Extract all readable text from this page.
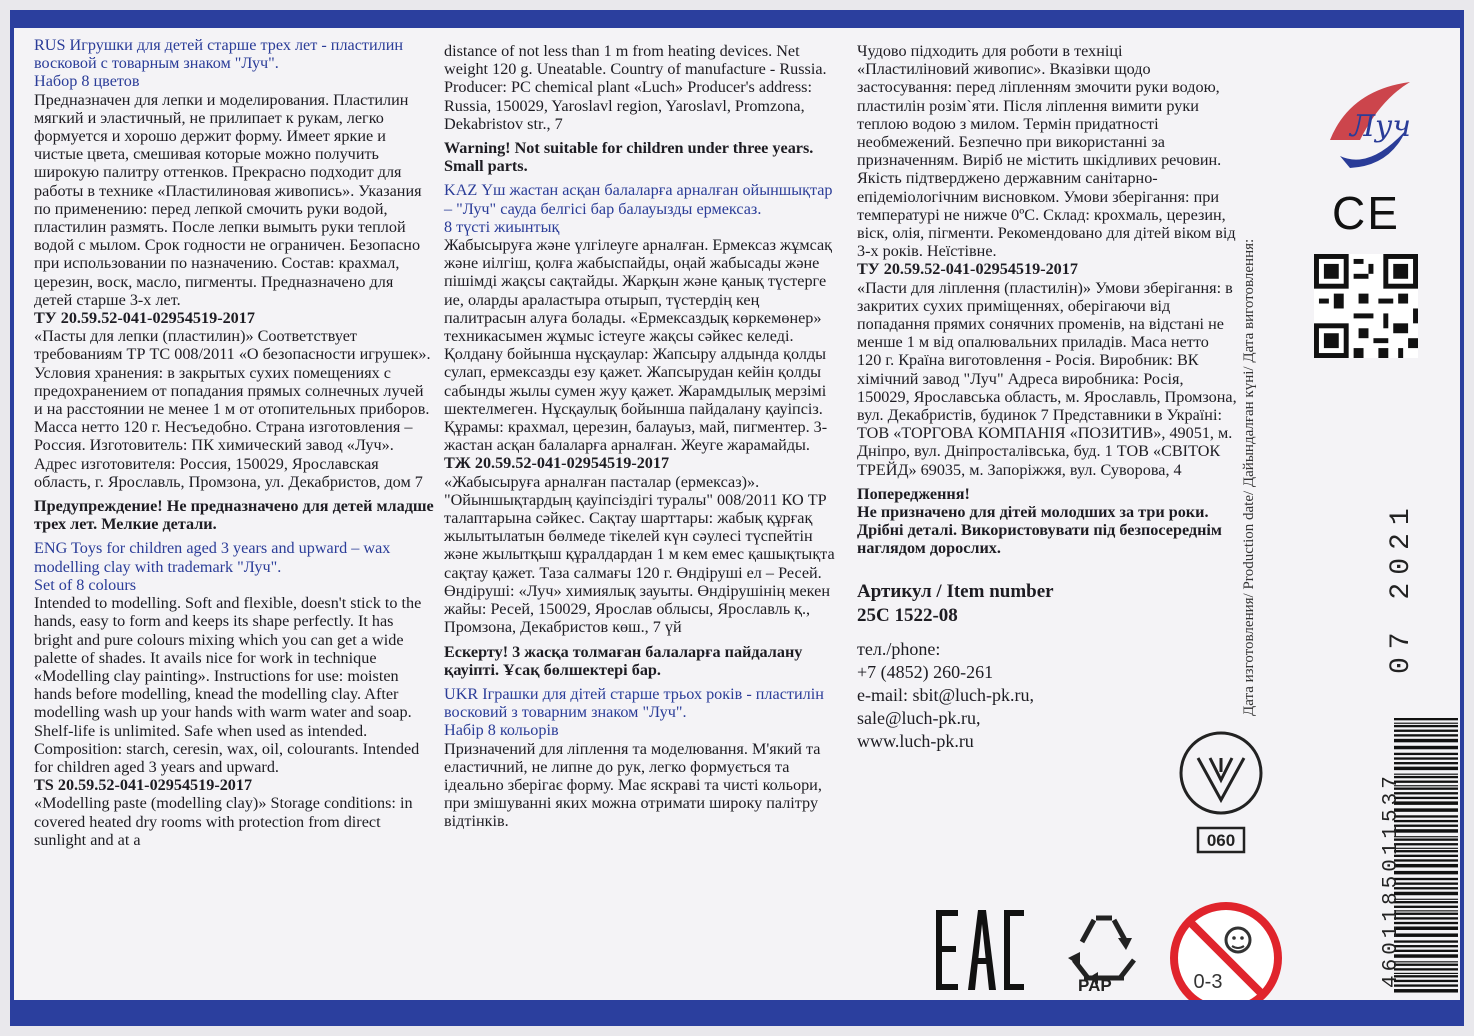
RUS Игрушки для детей старше трех лет - пластилин восковой с товарным знаком "Луч".

Набор 8 цветов

Предназначен для лепки и моделирования. Пластилин мягкий и эластичный, не прилипает к рукам, легко формуется и хорошо держит форму. Имеет яркие и чистые цвета, смешивая которые можно получить широкую палитру оттенков. Прекрасно подходит для работы в технике «Пластилиновая живопись». Указания по применению: перед лепкой смочить руки водой, пластилин размять. После лепки вымыть руки теплой водой с мылом. Срок годности не ограничен. Безопасно при использовании по назначению. Состав: крахмал, церезин, воск, масло, пигменты. Предназначено для детей старше 3-х лет.

ТУ 20.59.52-041-02954519-2017

«Пасты для лепки (пластилин)» Соответствует требованиям ТР ТС 008/2011 «О безопасности игрушек». Условия хранения: в закрытых сухих помещениях с предохранением от попадания прямых солнечных лучей и на расстоянии не менее 1 м от отопительных приборов. Масса нетто 120 г. Несъедобно. Страна изготовления – Россия. Изготовитель: ПК химический завод «Луч». Адрес изготовителя: Россия, 150029, Ярославская область, г. Ярославль, Промзона, ул. Декабристов, дом 7

Предупреждение! Не предназначено для детей младше трех лет. Мелкие детали.

ENG Toys for children aged 3 years and upward – wax modelling clay with trademark "Луч".

Set of 8 colours

Intended to modelling. Soft and flexible, doesn't stick to the hands, easy to form and keeps its shape perfectly. It has bright and pure colours mixing which you can get a wide palette of shades. It avails nice for work in technique «Modelling clay painting». Instructions for use: moisten hands before modelling, knead the modelling clay. After modelling wash up your hands with warm water and soap. Shelf-life is unlimited. Safe when used as intended. Composition: starch, ceresin, wax, oil, colourants. Intended for children aged 3 years and upward.

TS 20.59.52-041-02954519-2017

«Modelling paste (modelling clay)» Storage conditions: in covered heated dry rooms with protection from direct sunlight and at a

distance of not less than 1 m from heating devices. Net weight 120 g. Uneatable. Country of manufacture - Russia. Producer: PC chemical plant «Luch» Producer's address: Russia, 150029, Yaroslavl region, Yaroslavl, Promzona, Dekabristov str., 7

Warning! Not suitable for children under three years. Small parts.

KAZ Үш жастан асқан балаларға арналған ойыншықтар – "Луч" сауда белгісі бар балауызды ермексаз.

8 түсті жиынтық

Жабысыруға және үлгілеуге арналған. Ермексаз жұмсақ және иілгіш, қолға жабыспайды, оңай жабысады және пішімді жақсы сақтайды. Жарқын және қанық түстерге ие, оларды араластыра отырып, түстердің кең палитрасын алуға болады. «Ермексаздық көркемөнер» техникасымен жұмыс істеуге жақсы сәйкес келеді. Қолдану бойынша нұсқаулар: Жапсыру алдында қолды сулап, ермексазды езу қажет. Жапсырудан кейін қолды сабынды жылы сумен жуу қажет. Жарамдылық мерзімі шектелмеген. Нұсқаулық бойынша пайдалану қауіпсіз. Құрамы: крахмал, церезин, балауыз, май, пигментер. 3-жастан асқан балаларға арналған. Жеуге жарамайды.

ТЖ 20.59.52-041-02954519-2017

«Жабысыруға арналған пасталар (ермексаз)». "Ойыншықтардың қауіпсіздігі туралы" 008/2011 КО ТР талаптарына сәйкес. Сақтау шарттары: жабық құрғақ жылытылатын бөлмеде тікелей күн сәулесі түспейтін және жылытқыш құралдардан 1 м кем емес қашықтықта сақтау қажет. Таза салмағы 120 г. Өндіруші ел – Ресей. Өндіруші: «Луч» химиялық зауыты. Өндірушінің мекен жайы: Ресей, 150029, Ярослав облысы, Ярославль қ., Промзона, Декабристов көш., 7 үй

Ескерту! 3 жасқа толмаған балаларға пайдалану қауіпті. Ұсақ бөлшектері бар.

UKR Іграшки для дітей старше трьох років - пластилін восковий з товарним знаком "Луч".

Набір 8 кольорів

Призначений для ліплення та моделювання. М'який та еластичний, не липне до рук, легко формується та ідеально зберігає форму. Має яскраві та чисті кольори, при змішуванні яких можна отримати широку палітру відтінків.

Чудово підходить для роботи в техніці «Пластиліновий живопис». Вказівки щодо застосування: перед ліпленням змочити руки водою, пластилін розім`яти. Після ліплення вимити руки теплою водою з милом. Термін придатності необмежений. Безпечно при використанні за призначенням. Виріб не містить шкідливих речовин. Якість підтверджено державним санітарно-епідеміологічним висновком. Умови зберігання: при температурі не нижче 0ºС. Склад: крохмаль, церезин, віск, олія, пігменти. Рекомендовано для дітей віком від 3-х років. Неїстівне.

ТУ 20.59.52-041-02954519-2017

«Пасти для ліплення (пластилін)» Умови зберігання: в закритих сухих приміщеннях, оберігаючи від попадання прямих сонячних променів, на відстані не менше 1 м від опалювальних приладів. Маса нетто 120 г. Країна виготовлення - Росія. Виробник: ВК хімічний завод "Луч" Адреса виробника: Росія, 150029, Ярославська область, м. Ярославль, Промзона, вул. Декабристів, будинок 7 Представники в Україні: ТОВ «ТОРГОВА КОМПАНІЯ «ПОЗИТИВ», 49051, м. Дніпро, вул. Дніпросталівська, буд. 1 ТОВ «СВІТОК ТРЕЙД» 69035, м. Запоріжжя, вул. Суворова, 4

Попередження!

Не призначено для дітей молодших за три роки. Дрібні деталі. Використовувати під безпосереднім наглядом дорослих.

Артикул / Item number
25С 1522-08
тел./phone:
+7 (4852) 260-261
e-mail: sbit@luch-pk.ru,
sale@luch-pk.ru,
www.luch-pk.ru
Луч
CE
Дата изготовления/ Production date/ Дайындалған күні/ Дата виготовлення:	07 2021
060	4601185011537
PAP	0-3
